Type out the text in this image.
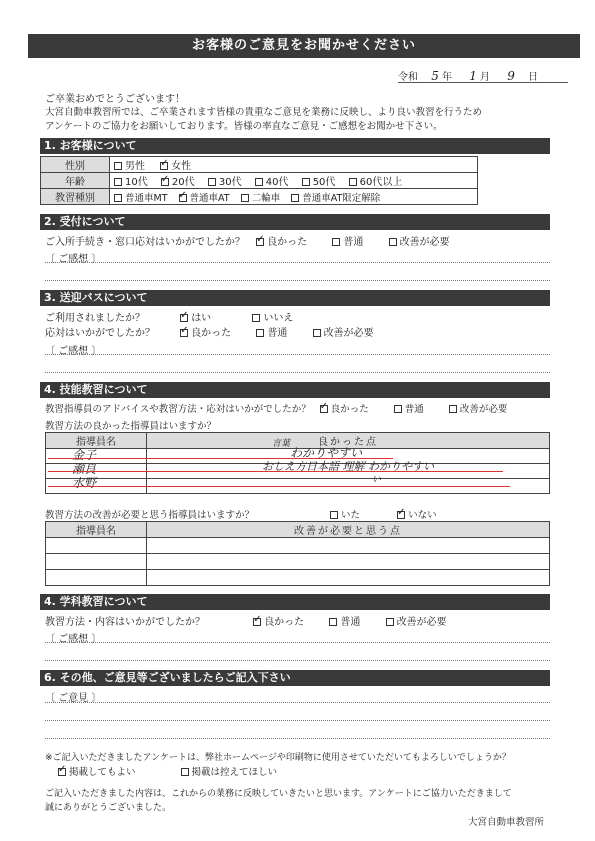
お客様のご意見をお聞かせください
令和 5 年 1 月 9 日
ご卒業おめでとうございます！
大宮自動車教習所では、ご卒業されます皆様の貴重なご意見を業務に反映し、より良い教習を行うため
アンケートのご協力をお願いしております。皆様の率直なご意見・ご感想をお聞かせ下さい。
1. お客様について
性別	男性 ✓ 女性
年齢	10代 ✓ 20代 30代 40代 50代 60代以上
教習種別	普通車MT ✓ 普通車AT 二輪車 普通車AT限定解除
2. 受付について
ご入所手続き・窓口応対はいかがでしたか？ ✓ 良かった	普通	改善が必要
〔 ご感想 〕
3. 送迎バスについて
ご利用されましたか？ ✓	はい	いいえ
応対はいかがでしたか？ ✓	良かった	普通	改善が必要
〔 ご感想 〕
4. 技能教習について
教習指導員のアドバイスや教習方法・応対はいかがでしたか？ ✓ 良かった	普通	改善が必要
教習方法の良かった指導員はいますか？
指導員名	良かった点

金子	わかりやすい
言葉
瀬良	おしえ方日本語 理解 わかりやすい
水野	い
教習方法の改善が必要と思う指導員はいますか？	いた ✓	いない
指導員名	改善が必要と思う点

4. 学科教習について
教習方法・内容はいかがでしたか？ ✓	良かった	普通	改善が必要
〔 ご感想 〕
6. その他、ご意見等ございましたらご記入下さい
〔 ご意見 〕
※ご記入いただきましたアンケートは、弊社ホームページや印刷物に使用させていただいてもよろしいでしょうか？
✓掲載してもよい	掲載は控えてほしい
ご記入いただきました内容は、これからの業務に反映していきたいと思います。アンケートにご協力いただきまして
誠にありがとうございました。
大宮自動車教習所
